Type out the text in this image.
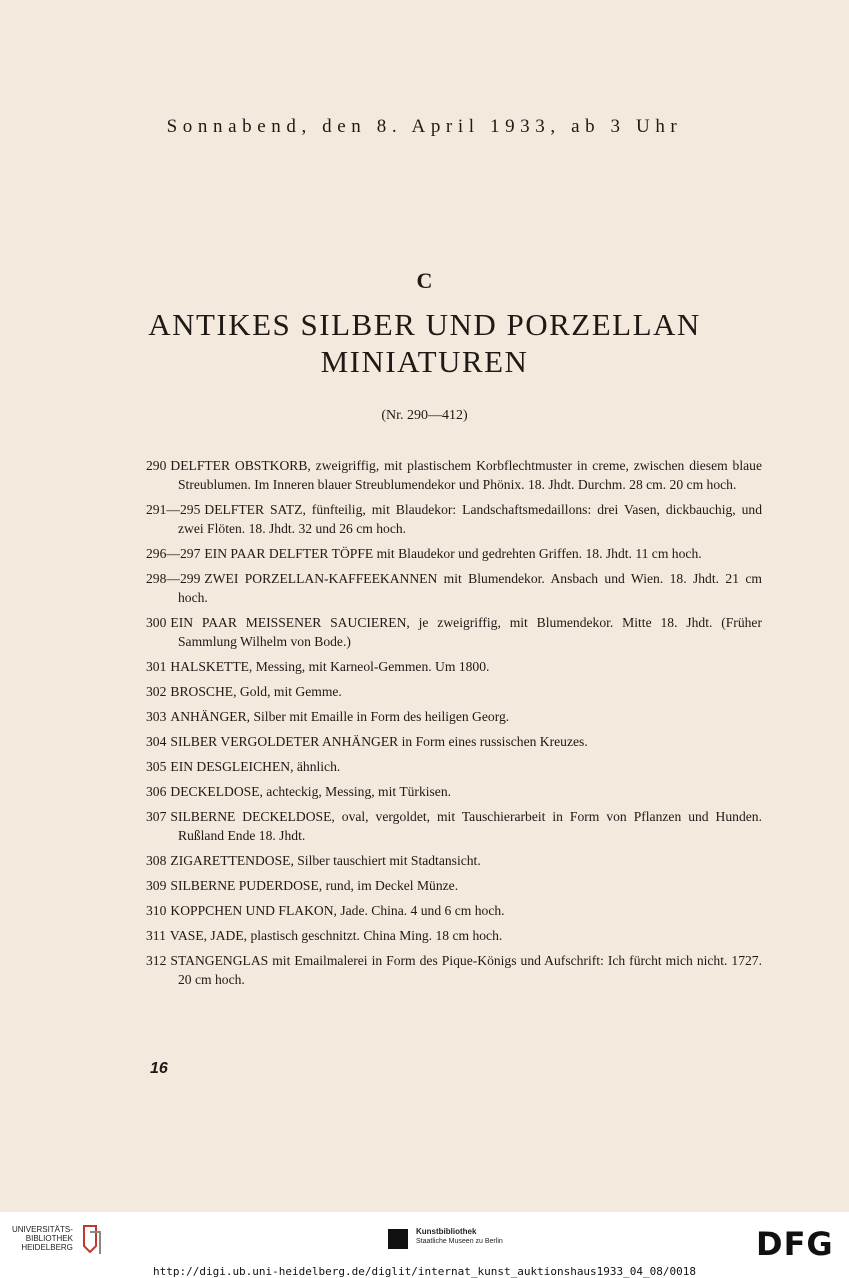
Sonnabend, den 8. April 1933, ab 3 Uhr
C
ANTIKES SILBER UND PORZELLAN
MINIATUREN
(Nr. 290—412)
290 DELFTER OBSTKORB, zweigriffig, mit plastischem Korbflechtmuster in creme, zwischen diesem blaue Streublumen. Im Inneren blauer Streublumendekor und Phönix. 18. Jhdt. Durchm. 28 cm. 20 cm hoch.
291—295 DELFTER SATZ, fünfteilig, mit Blaudekor: Landschaftsmedaillons: drei Vasen, dickbauchig, und zwei Flöten. 18. Jhdt. 32 und 26 cm hoch.
296—297 EIN PAAR DELFTER TÖPFE mit Blaudekor und gedrehten Griffen. 18. Jhdt. 11 cm hoch.
298—299 ZWEI PORZELLAN-KAFFEEKANNEN mit Blumendekor. Ansbach und Wien. 18. Jhdt. 21 cm hoch.
300 EIN PAAR MEISSENER SAUCIEREN, je zweigriffig, mit Blumendekor. Mitte 18. Jhdt. (Früher Sammlung Wilhelm von Bode.)
301 HALSKETTE, Messing, mit Karneol-Gemmen. Um 1800.
302 BROSCHE, Gold, mit Gemme.
303 ANHÄNGER, Silber mit Emaille in Form des heiligen Georg.
304 SILBER VERGOLDETER ANHÄNGER in Form eines russischen Kreuzes.
305 EIN DESGLEICHEN, ähnlich.
306 DECKELDOSE, achteckig, Messing, mit Türkisen.
307 SILBERNE DECKELDOSE, oval, vergoldet, mit Tauschierarbeit in Form von Pflanzen und Hunden. Rußland Ende 18. Jhdt.
308 ZIGARETTENDOSE, Silber tauschiert mit Stadtansicht.
309 SILBERNE PUDERDOSE, rund, im Deckel Münze.
310 KOPPCHEN UND FLAKON, Jade. China. 4 und 6 cm hoch.
311 VASE, JADE, plastisch geschnitzt. China Ming. 18 cm hoch.
312 STANGENGLAS mit Emailmalerei in Form des Pique-Königs und Aufschrift: Ich fürcht mich nicht. 1727. 20 cm hoch.
16
UNIVERSITÄTS-
BIBLIOTHEK
HEIDELBERG
Kunstbibliothek
Staatliche Museen zu Berlin	DFG
http://digi.ub.uni-heidelberg.de/diglit/internat_kunst_auktionshaus1933_04_08/0018
